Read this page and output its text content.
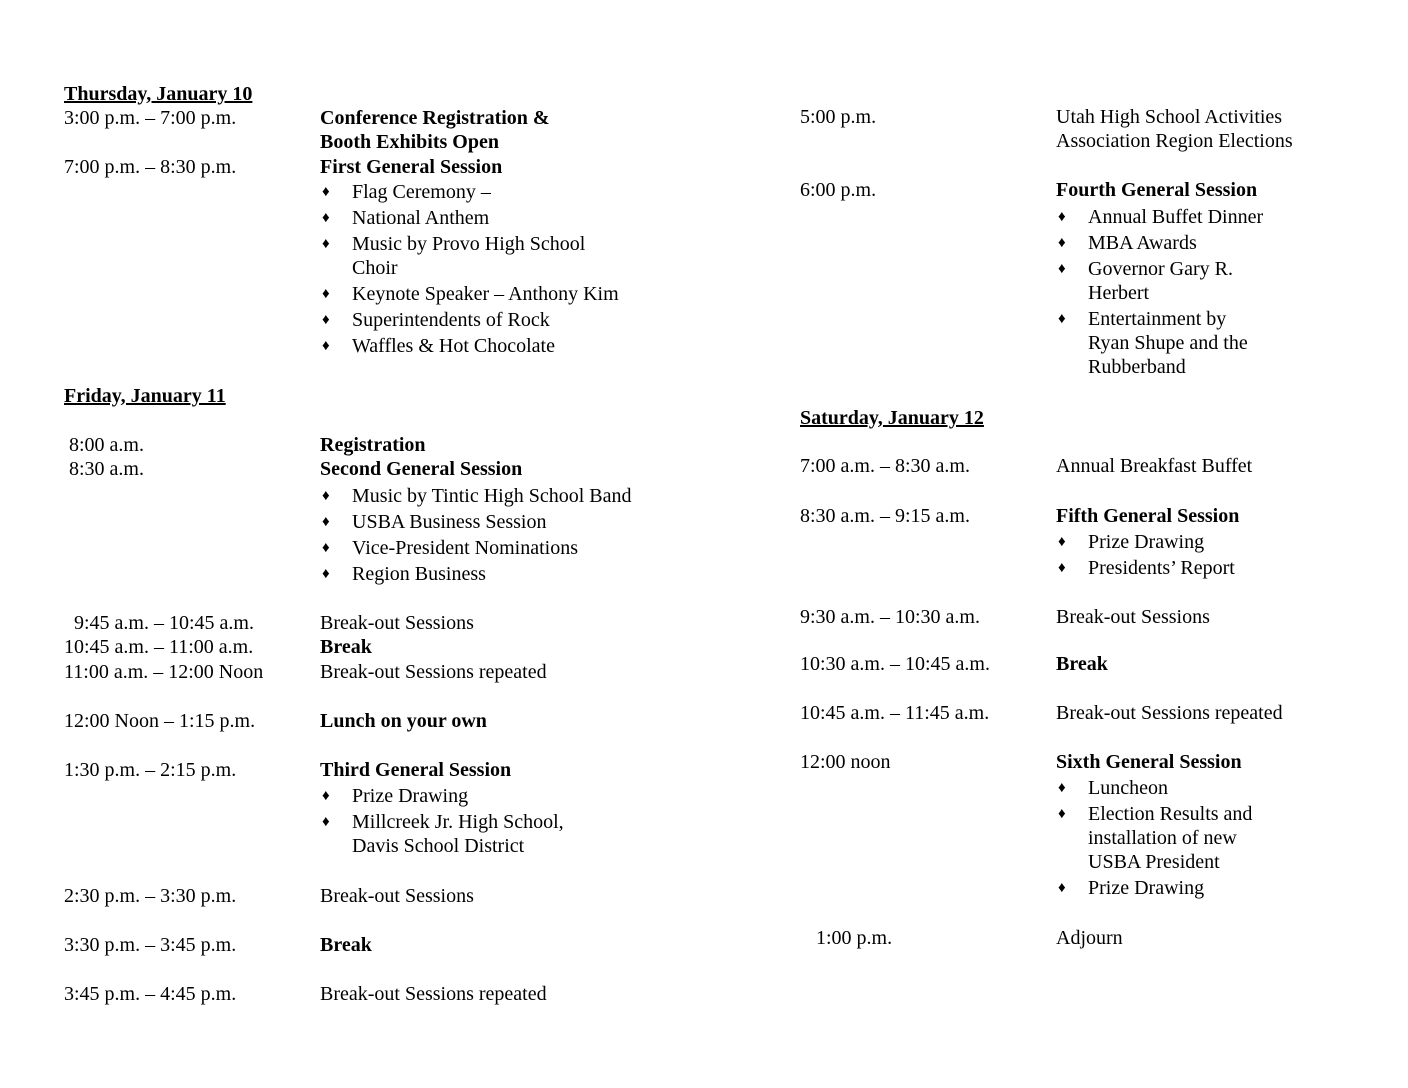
Thursday, January 10
3:00 p.m. – 7:00 p.m.	Conference Registration &
Booth Exhibits Open
7:00 p.m. – 8:30 p.m.	First General Session
♦ Flag Ceremony –
♦ National Anthem
♦ Music by Provo High School
Choir
♦ Keynote Speaker – Anthony Kim
♦ Superintendents of Rock
♦ Waffles & Hot Chocolate
Friday, January 11
8:00 a.m.	Registration
8:30 a.m.	Second General Session
♦ Music by Tintic High School Band
♦ USBA Business Session
♦ Vice-President Nominations
♦ Region Business
9:45 a.m. – 10:45 a.m.	Break-out Sessions
10:45 a.m. – 11:00 a.m.	Break
11:00 a.m. – 12:00 Noon	Break-out Sessions repeated
12:00 Noon – 1:15 p.m.	Lunch on your own
1:30 p.m. – 2:15 p.m.	Third General Session
♦ Prize Drawing
♦ Millcreek Jr. High School,
Davis School District
2:30 p.m. – 3:30 p.m.	Break-out Sessions
3:30 p.m. – 3:45 p.m.	Break
3:45 p.m. – 4:45 p.m.	Break-out Sessions repeated
5:00 p.m.	Utah High School Activities
Association Region Elections
6:00 p.m.	Fourth General Session
♦ Annual Buffet Dinner
♦ MBA Awards
♦ Governor Gary R.
Herbert
♦ Entertainment by
Ryan Shupe and the
Rubberband
Saturday, January 12
7:00 a.m. – 8:30 a.m.	Annual Breakfast Buffet
8:30 a.m. – 9:15 a.m.	Fifth General Session
♦ Prize Drawing
♦ Presidents’ Report
9:30 a.m. – 10:30 a.m.	Break-out Sessions
10:30 a.m. – 10:45 a.m.	Break
10:45 a.m. – 11:45 a.m.	Break-out Sessions repeated
12:00 noon	Sixth General Session
♦ Luncheon
♦ Election Results and
installation of new
USBA President
♦ Prize Drawing
1:00 p.m.	Adjourn
